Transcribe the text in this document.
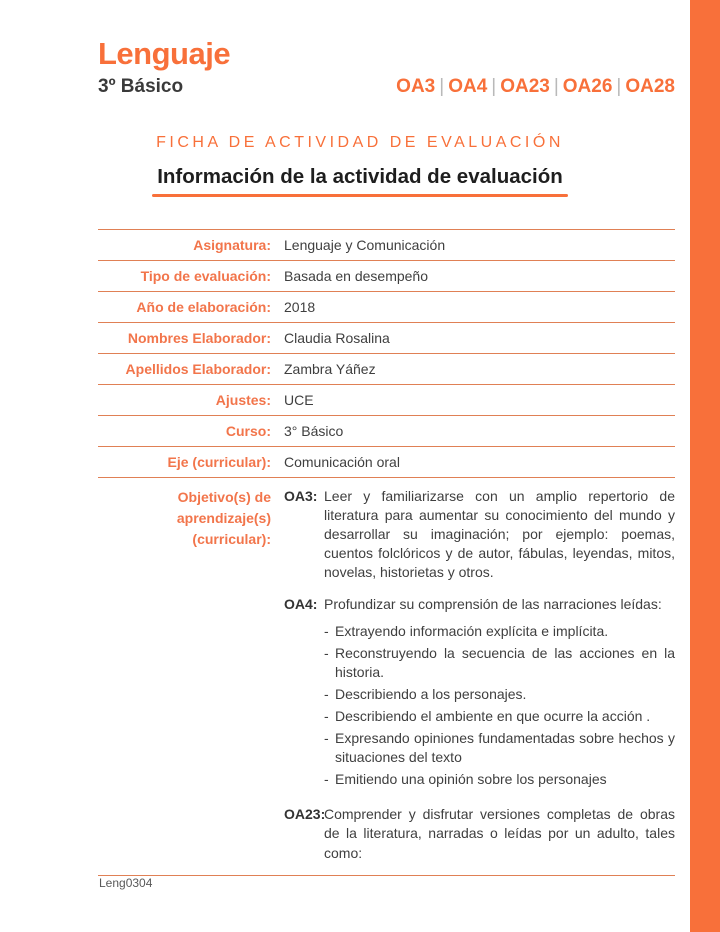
Lenguaje
3º Básico	OA3 | OA4 | OA23 | OA26 | OA28
FICHA DE ACTIVIDAD DE EVALUACIÓN
Información de la actividad de evaluación
Asignatura: Lenguaje y Comunicación
Tipo de evaluación: Basada en desempeño
Año de elaboración: 2018
Nombres Elaborador: Claudia Rosalina
Apellidos Elaborador: Zambra Yáñez
Ajustes: UCE
Curso: 3° Básico
Eje (curricular): Comunicación oral
Objetivo(s) de aprendizaje(s) (curricular):
OA3: Leer y familiarizarse con un amplio repertorio de literatura para aumentar su conocimiento del mundo y desarrollar su imaginación; por ejemplo: poemas, cuentos folclóricos y de autor, fábulas, leyendas, mitos, novelas, historietas y otros.

OA4: Profundizar su comprensión de las narraciones leídas:

- Extrayendo información explícita e implícita.
- Reconstruyendo la secuencia de las acciones en la historia.
- Describiendo a los personajes.
- Describiendo el ambiente en que ocurre la acción .
- Expresando opiniones fundamentadas sobre hechos y situaciones del texto
- Emitiendo una opinión sobre los personajes
OA23:

Comprender y disfrutar versiones completas de obras de la literatura, narradas o leídas por un adulto, tales como:

Leng0304
